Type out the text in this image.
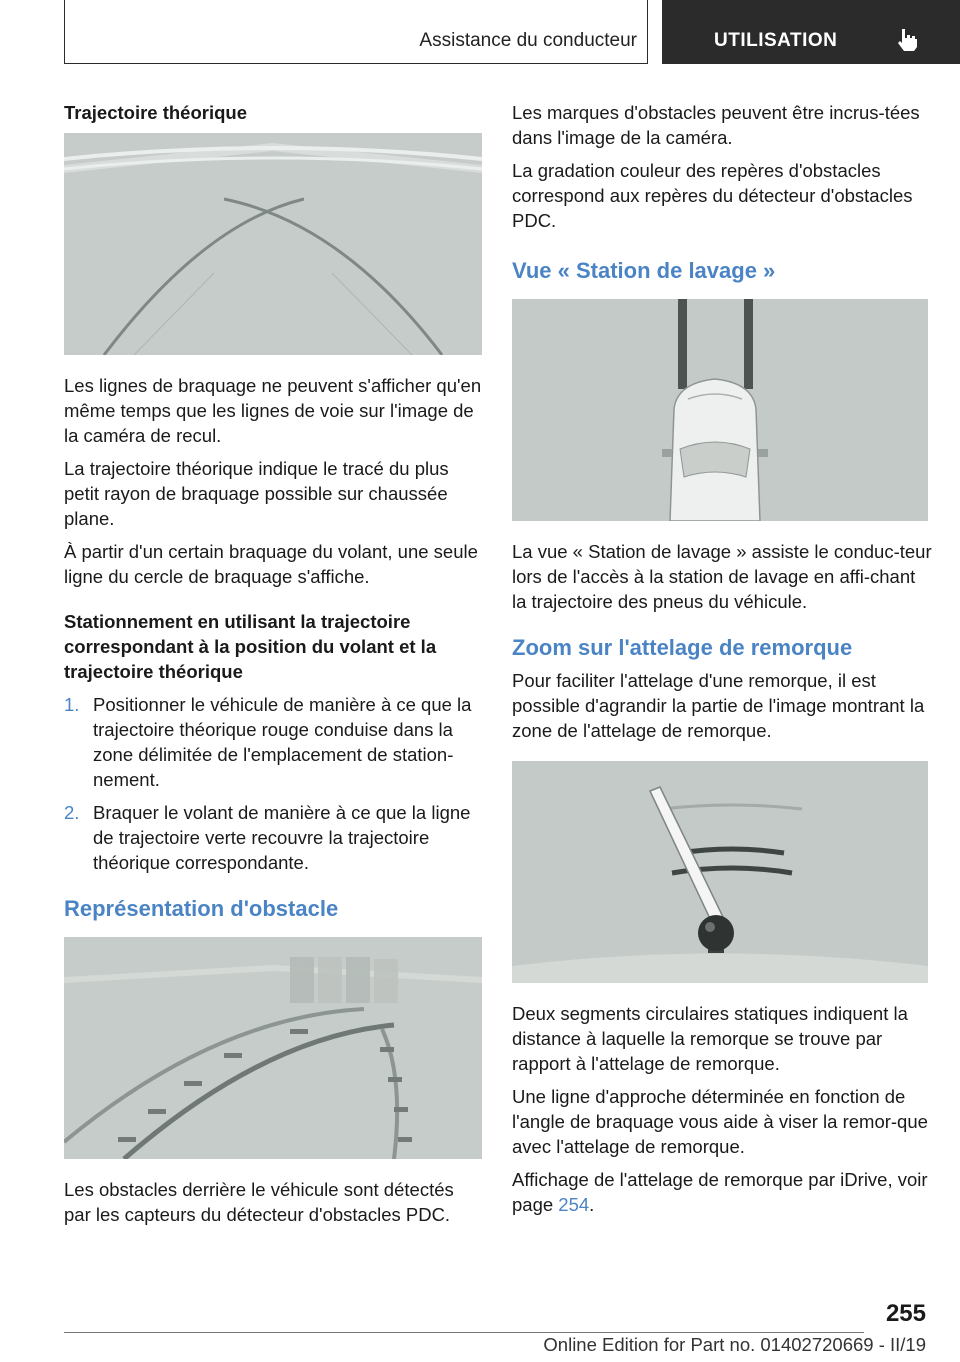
Assistance du conducteur	UTILISATION
Trajectoire théorique

Les lignes de braquage ne peuvent s'afficher qu'en même temps que les lignes de voie sur l'image de la caméra de recul.

La trajectoire théorique indique le tracé du plus petit rayon de braquage possible sur chaussée plane.

À partir d'un certain braquage du volant, une seule ligne du cercle de braquage s'affiche.

Stationnement en utilisant la trajectoire correspondant à la position du volant et la trajectoire théorique
1. Positionner le véhicule de manière à ce que la trajectoire théorique rouge conduise dans la zone délimitée de l'emplacement de station-nement.
2. Braquer le volant de manière à ce que la ligne de trajectoire verte recouvre la trajectoire théorique correspondante.
Représentation d'obstacle

Les obstacles derrière le véhicule sont détectés par les capteurs du détecteur d'obstacles PDC.

Les marques d'obstacles peuvent être incrus-tées dans l'image de la caméra.

La gradation couleur des repères d'obstacles correspond aux repères du détecteur d'obstacles PDC.

Vue « Station de lavage »

La vue « Station de lavage » assiste le conduc-teur lors de l'accès à la station de lavage en affi-chant la trajectoire des pneus du véhicule.

Zoom sur l'attelage de remorque

Pour faciliter l'attelage d'une remorque, il est possible d'agrandir la partie de l'image montrant la zone de l'attelage de remorque.

Deux segments circulaires statiques indiquent la distance à laquelle la remorque se trouve par rapport à l'attelage de remorque.

Une ligne d'approche déterminée en fonction de l'angle de braquage vous aide à viser la remor-que avec l'attelage de remorque.

Affichage de l'attelage de remorque par iDrive, voir page 254.

255
Online Edition for Part no. 01402720669 - II/19
